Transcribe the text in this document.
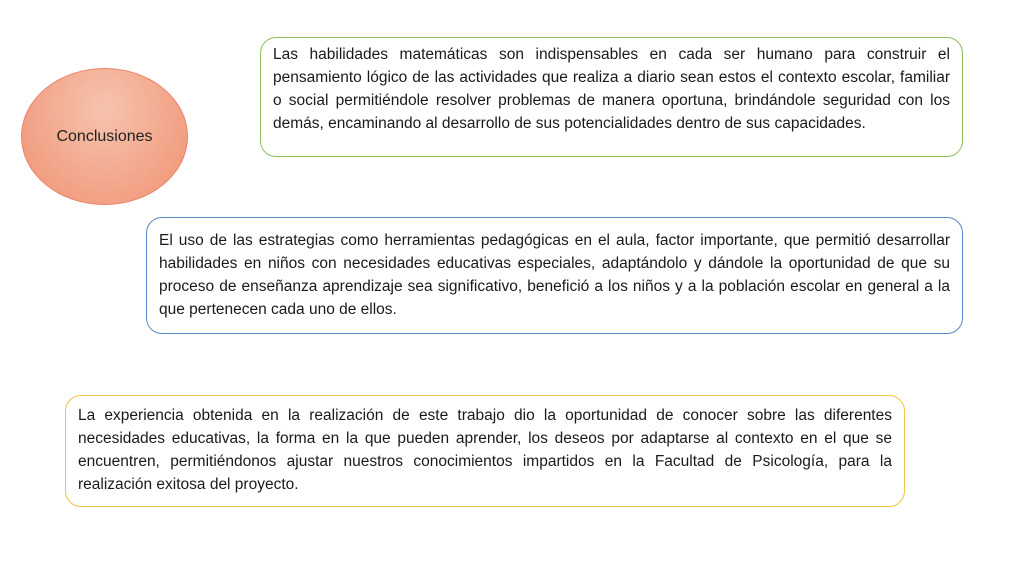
Conclusiones

Las habilidades matemáticas son indispensables en cada ser humano para construir el pensamiento lógico de las actividades que realiza a diario sean estos el contexto escolar, familiar o social permitiéndole resolver problemas de manera oportuna, brindándole seguridad con los demás, encaminando al desarrollo de sus potencialidades dentro de sus capacidades.

El uso de las estrategias como herramientas pedagógicas en el aula, factor importante, que permitió desarrollar habilidades en niños con necesidades educativas especiales, adaptándolo y dándole la oportunidad de que su proceso de enseñanza aprendizaje sea significativo, benefició a los niños y a la población escolar en general a la que pertenecen cada uno de ellos.

La experiencia obtenida en la realización de este trabajo dio la oportunidad de conocer sobre las diferentes necesidades educativas, la forma en la que pueden aprender, los deseos por adaptarse al contexto en el que se encuentren, permitiéndonos ajustar nuestros conocimientos impartidos en la Facultad de Psicología, para la realización exitosa del proyecto.
